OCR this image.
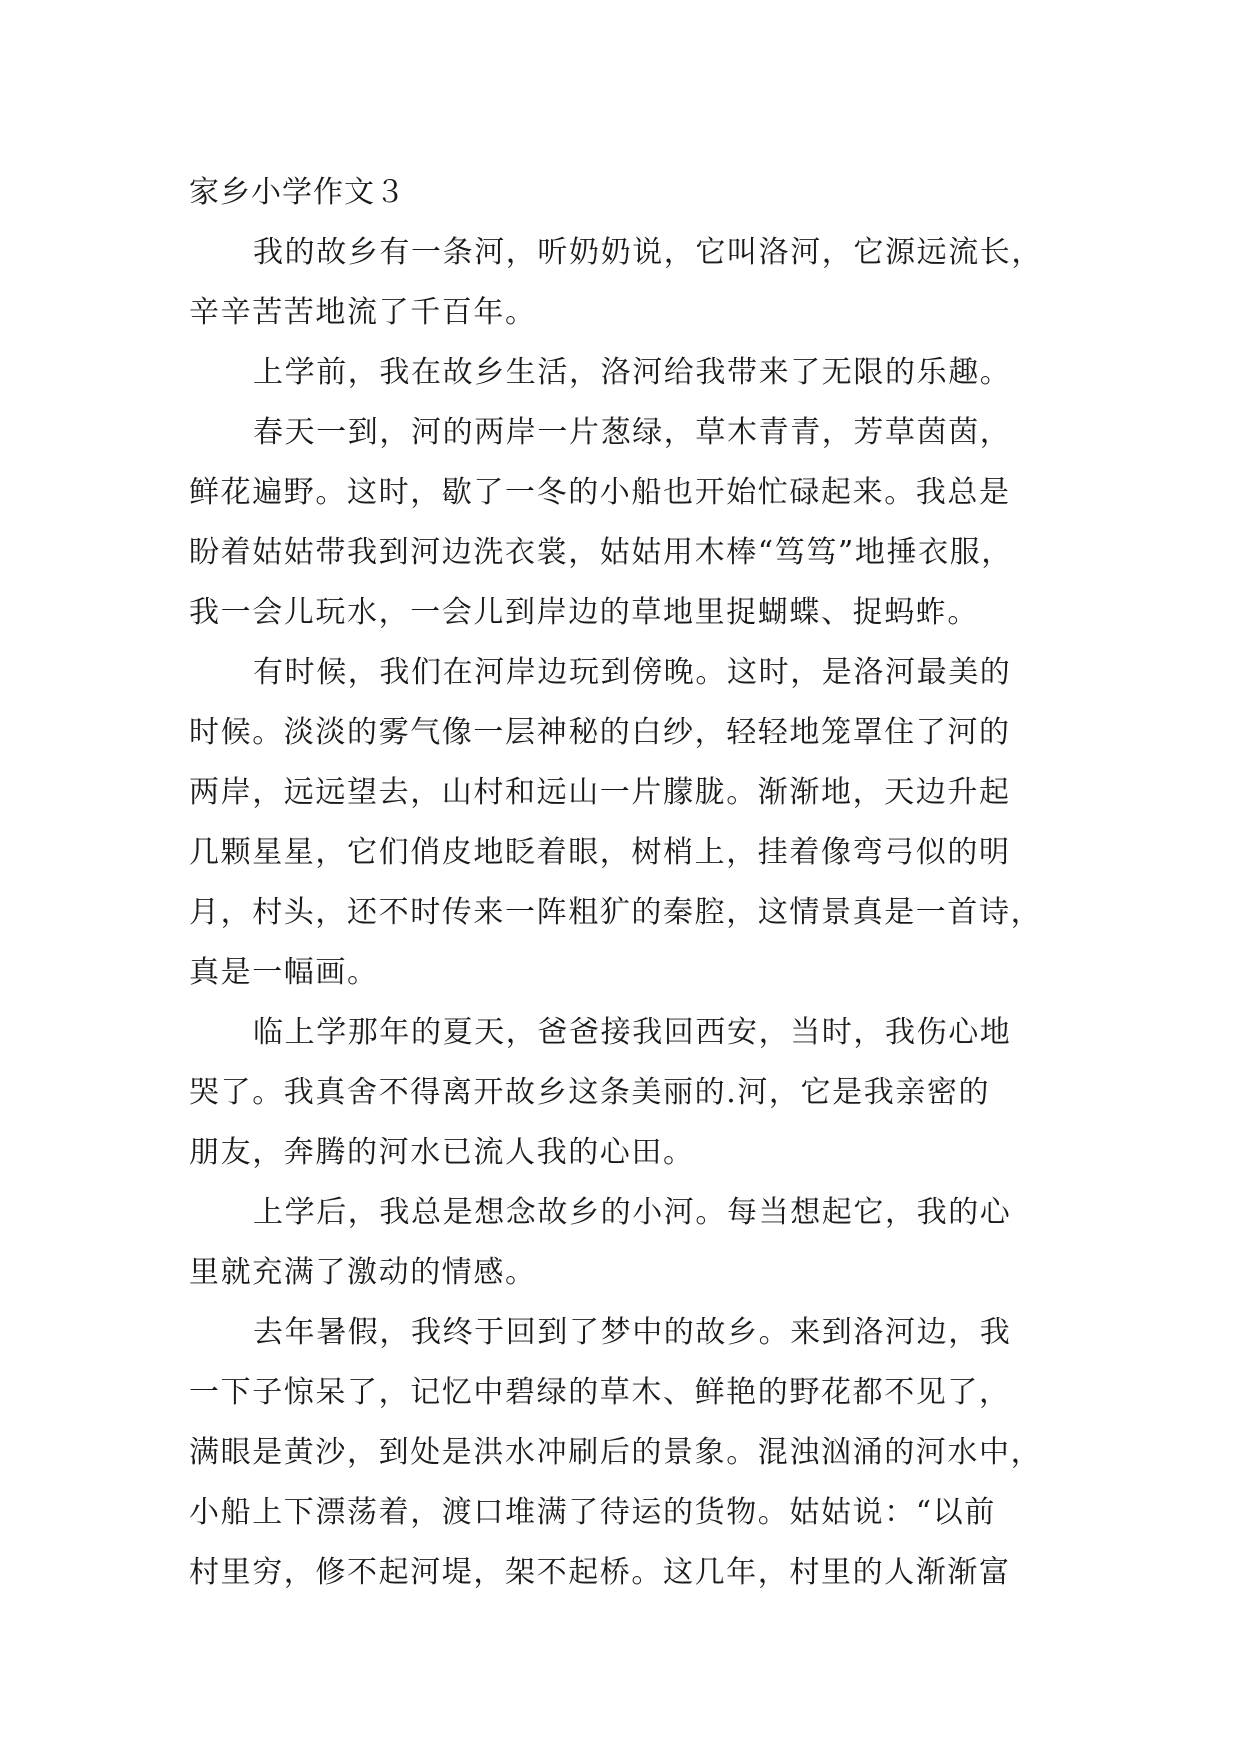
家乡小学作文３
我的故乡有一条河，听奶奶说，它叫洛河，它源远流长，
辛辛苦苦地流了千百年。
上学前，我在故乡生活，洛河给我带来了无限的乐趣。
春天一到，河的两岸一片葱绿，草木青青，芳草茵茵，
鲜花遍野。这时，歇了一冬的小船也开始忙碌起来。我总是
盼着姑姑带我到河边洗衣裳，姑姑用木棒“笃笃”地捶衣服，
我一会儿玩水，一会儿到岸边的草地里捉蝴蝶、捉蚂蚱。
有时候，我们在河岸边玩到傍晚。这时，是洛河最美的
时候。淡淡的雾气像一层神秘的白纱，轻轻地笼罩住了河的
两岸，远远望去，山村和远山一片朦胧。渐渐地，天边升起
几颗星星，它们俏皮地眨着眼，树梢上，挂着像弯弓似的明
月，村头，还不时传来一阵粗犷的秦腔，这情景真是一首诗，
真是一幅画。
临上学那年的夏天，爸爸接我回西安，当时，我伤心地
哭了。我真舍不得离开故乡这条美丽的.河，它是我亲密的
朋友，奔腾的河水已流人我的心田。
上学后，我总是想念故乡的小河。每当想起它，我的心
里就充满了激动的情感。
去年暑假，我终于回到了梦中的故乡。来到洛河边，我
一下子惊呆了，记忆中碧绿的草木、鲜艳的野花都不见了，
满眼是黄沙，到处是洪水冲刷后的景象。混浊汹涌的河水中，
小船上下漂荡着，渡口堆满了待运的货物。姑姑说：“以前
村里穷，修不起河堤，架不起桥。这几年，村里的人渐渐富
